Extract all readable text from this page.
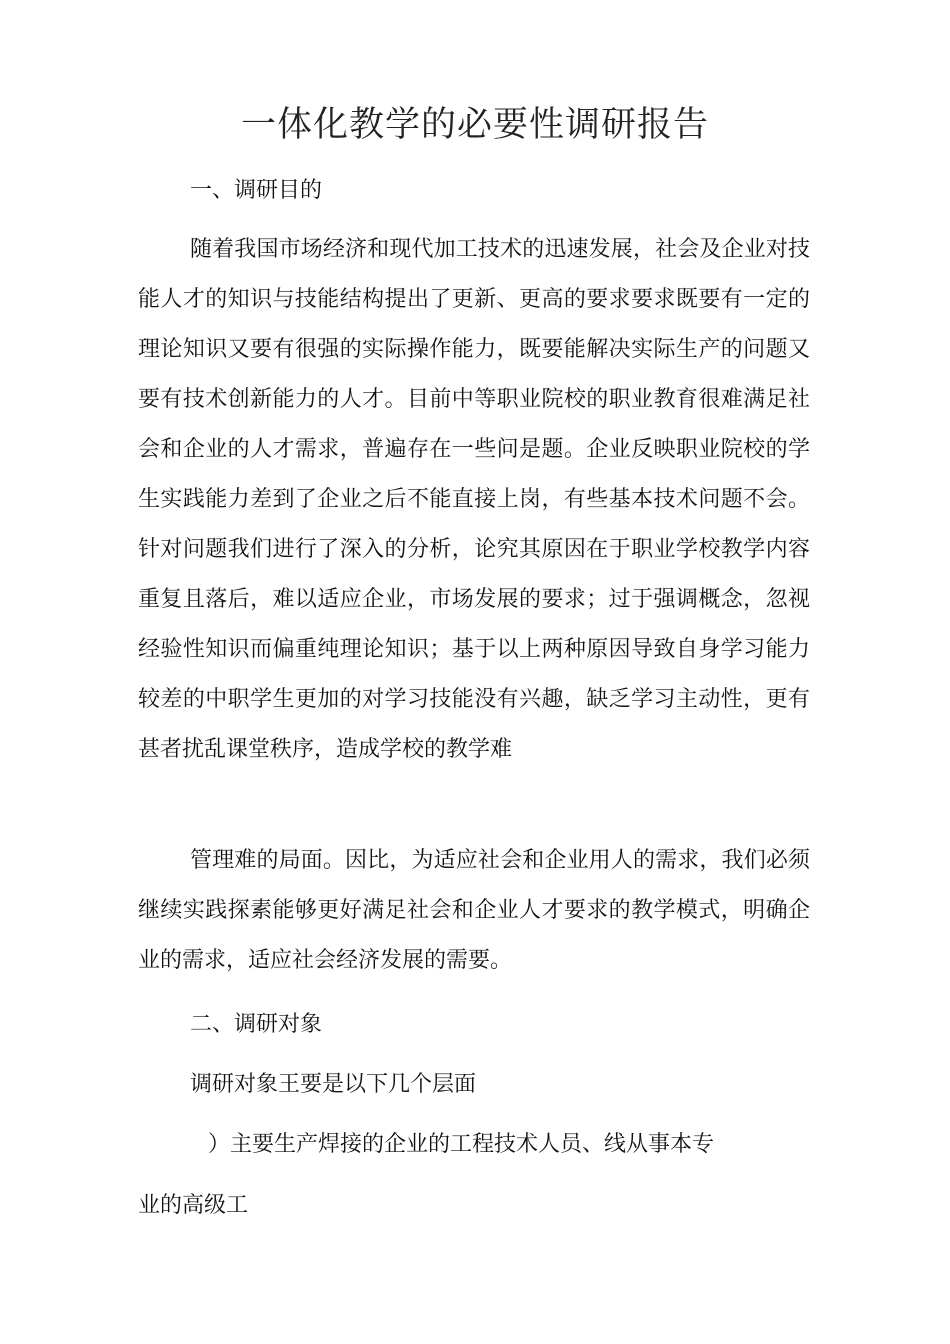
一体化教学的必要性调研报告
一、调研目的

随着我国市场经济和现代加工技术的迅速发展，社会及企业对技能人才的知识与技能结构提出了更新、更高的要求要求既要有一定的理论知识又要有很强的实际操作能力，既要能解决实际生产的问题又要有技术创新能力的人才。目前中等职业院校的职业教育很难满足社会和企业的人才需求，普遍存在一些问是题。企业反映职业院校的学生实践能力差到了企业之后不能直接上岗，有些基本技术问题不会。针对问题我们进行了深入的分析，论究其原因在于职业学校教学内容重复且落后，难以适应企业，市场发展的要求；过于强调概念，忽视经验性知识而偏重纯理论知识；基于以上两种原因导致自身学习能力较差的中职学生更加的对学习技能没有兴趣，缺乏学习主动性，更有甚者扰乱课堂秩序，造成学校的教学难

管理难的局面。因比，为适应社会和企业用人的需求，我们必须继续实践探素能够更好满足社会和企业人才要求的教学模式，明确企业的需求，适应社会经济发展的需要。

二、调研对象
调研对象王要是以下几个层面
）主要生产焊接的企业的工程技术人员、线从事本专
业的高级工
